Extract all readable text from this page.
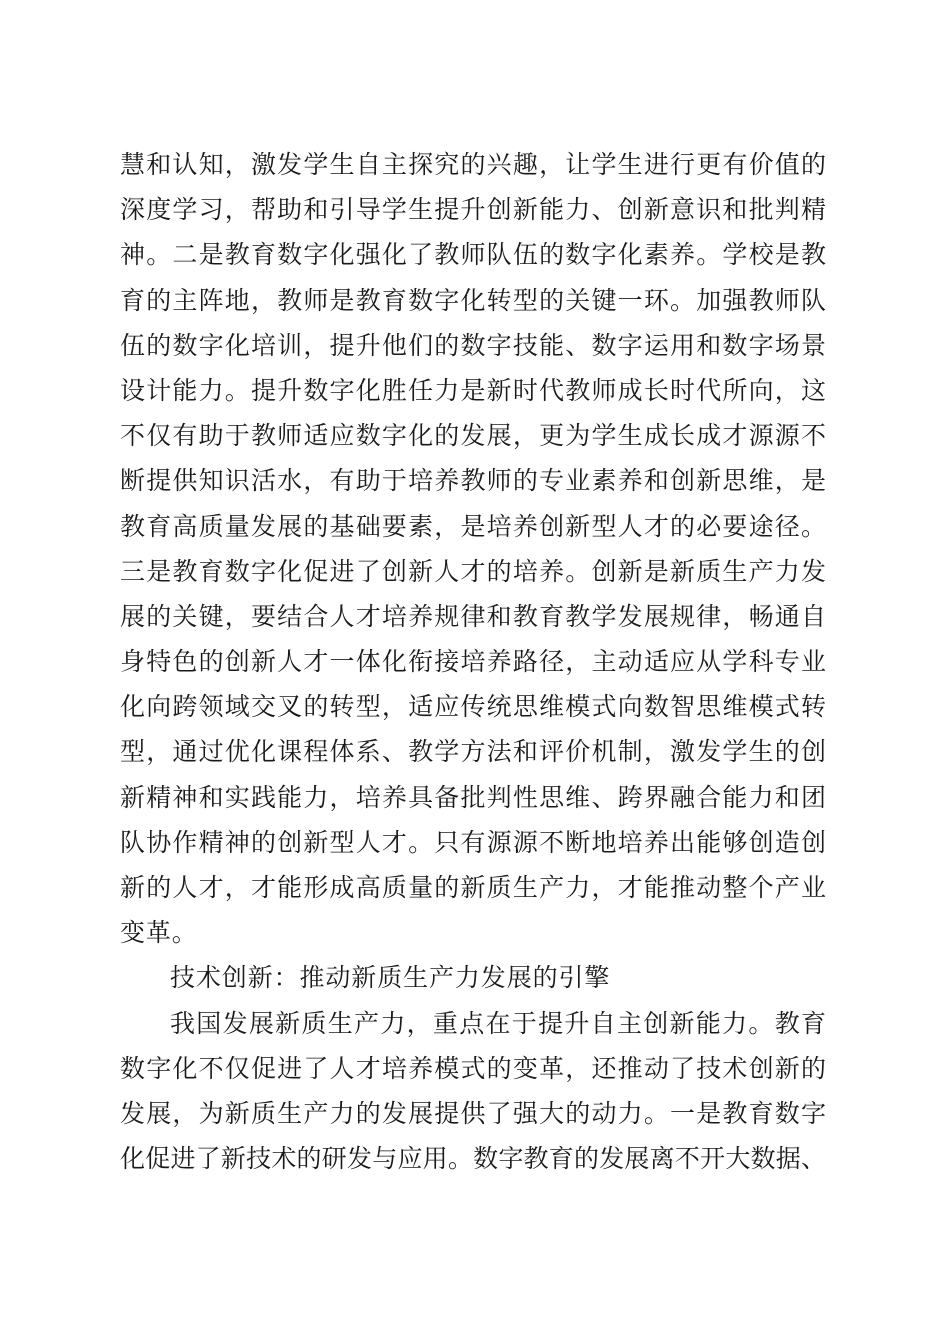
慧和认知，激发学生自主探究的兴趣，让学生进行更有价值的
深度学习，帮助和引导学生提升创新能力、创新意识和批判精
神。二是教育数字化强化了教师队伍的数字化素养。学校是教
育的主阵地，教师是教育数字化转型的关键一环。加强教师队
伍的数字化培训，提升他们的数字技能、数字运用和数字场景
设计能力。提升数字化胜任力是新时代教师成长时代所向，这
不仅有助于教师适应数字化的发展，更为学生成长成才源源不
断提供知识活水，有助于培养教师的专业素养和创新思维，是
教育高质量发展的基础要素，是培养创新型人才的必要途径。
三是教育数字化促进了创新人才的培养。创新是新质生产力发
展的关键，要结合人才培养规律和教育教学发展规律，畅通自
身特色的创新人才一体化衔接培养路径，主动适应从学科专业
化向跨领域交叉的转型，适应传统思维模式向数智思维模式转
型，通过优化课程体系、教学方法和评价机制，激发学生的创
新精神和实践能力，培养具备批判性思维、跨界融合能力和团
队协作精神的创新型人才。只有源源不断地培养出能够创造创
新的人才，才能形成高质量的新质生产力，才能推动整个产业
变革。
技术创新：推动新质生产力发展的引擎
我国发展新质生产力，重点在于提升自主创新能力。教育
数字化不仅促进了人才培养模式的变革，还推动了技术创新的
发展，为新质生产力的发展提供了强大的动力。一是教育数字
化促进了新技术的研发与应用。数字教育的发展离不开大数据、
